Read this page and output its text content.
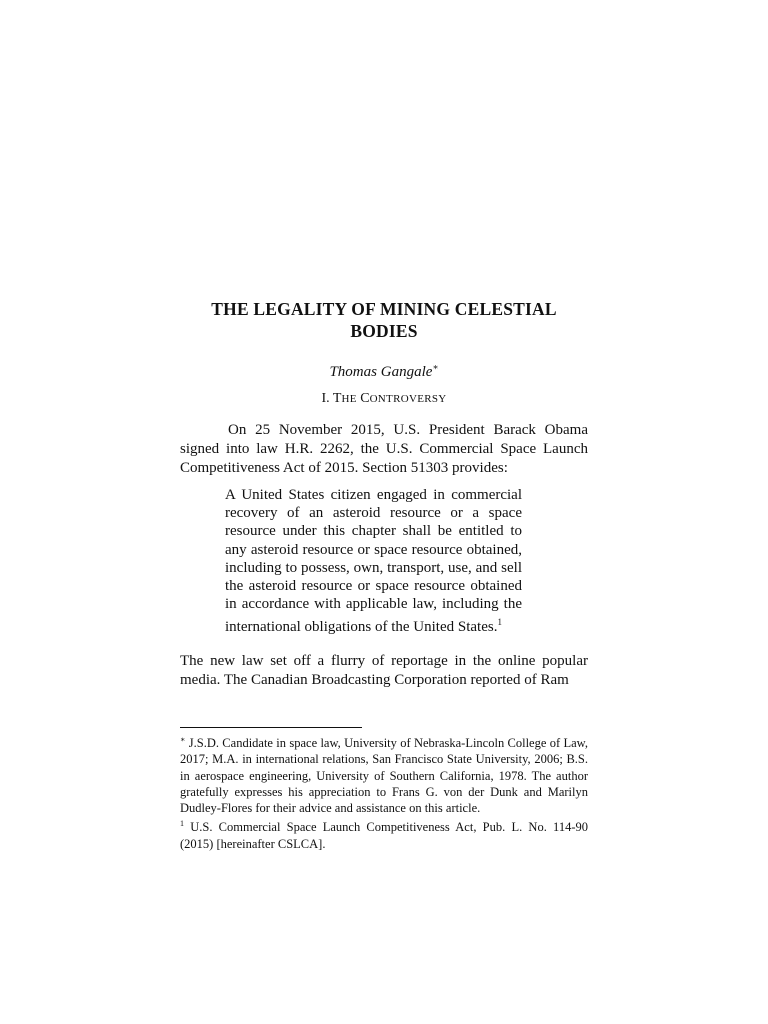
THE LEGALITY OF MINING CELESTIAL
BODIES
Thomas Gangale∗
I. THE CONTROVERSY

On 25 November 2015, U.S. President Barack Obama signed into law H.R. 2262, the U.S. Commercial Space Launch Competitiveness Act of 2015. Section 51303 provides:

A United States citizen engaged in commercial recovery of an asteroid resource or a space resource under this chapter shall be entitled to any asteroid resource or space resource obtained, including to possess, own, transport, use, and sell the asteroid resource or space resource obtained in accordance with applicable law, including the international obligations of the United States.$^1$

The new law set off a flurry of reportage in the online popular media. The Canadian Broadcasting Corporation reported of Ram

∗ J.S.D. Candidate in space law, University of Nebraska-Lincoln College of Law, 2017; M.A. in international relations, San Francisco State University, 2006; B.S. in aerospace engineering, University of Southern California, 1978. The author gratefully expresses his appreciation to Frans G. von der Dunk and Marilyn Dudley-Flores for their advice and assistance on this article.

$^1$ U.S. Commercial Space Launch Competitiveness Act, Pub. L. No. 114-90 (2015) [hereinafter CSLCA].
